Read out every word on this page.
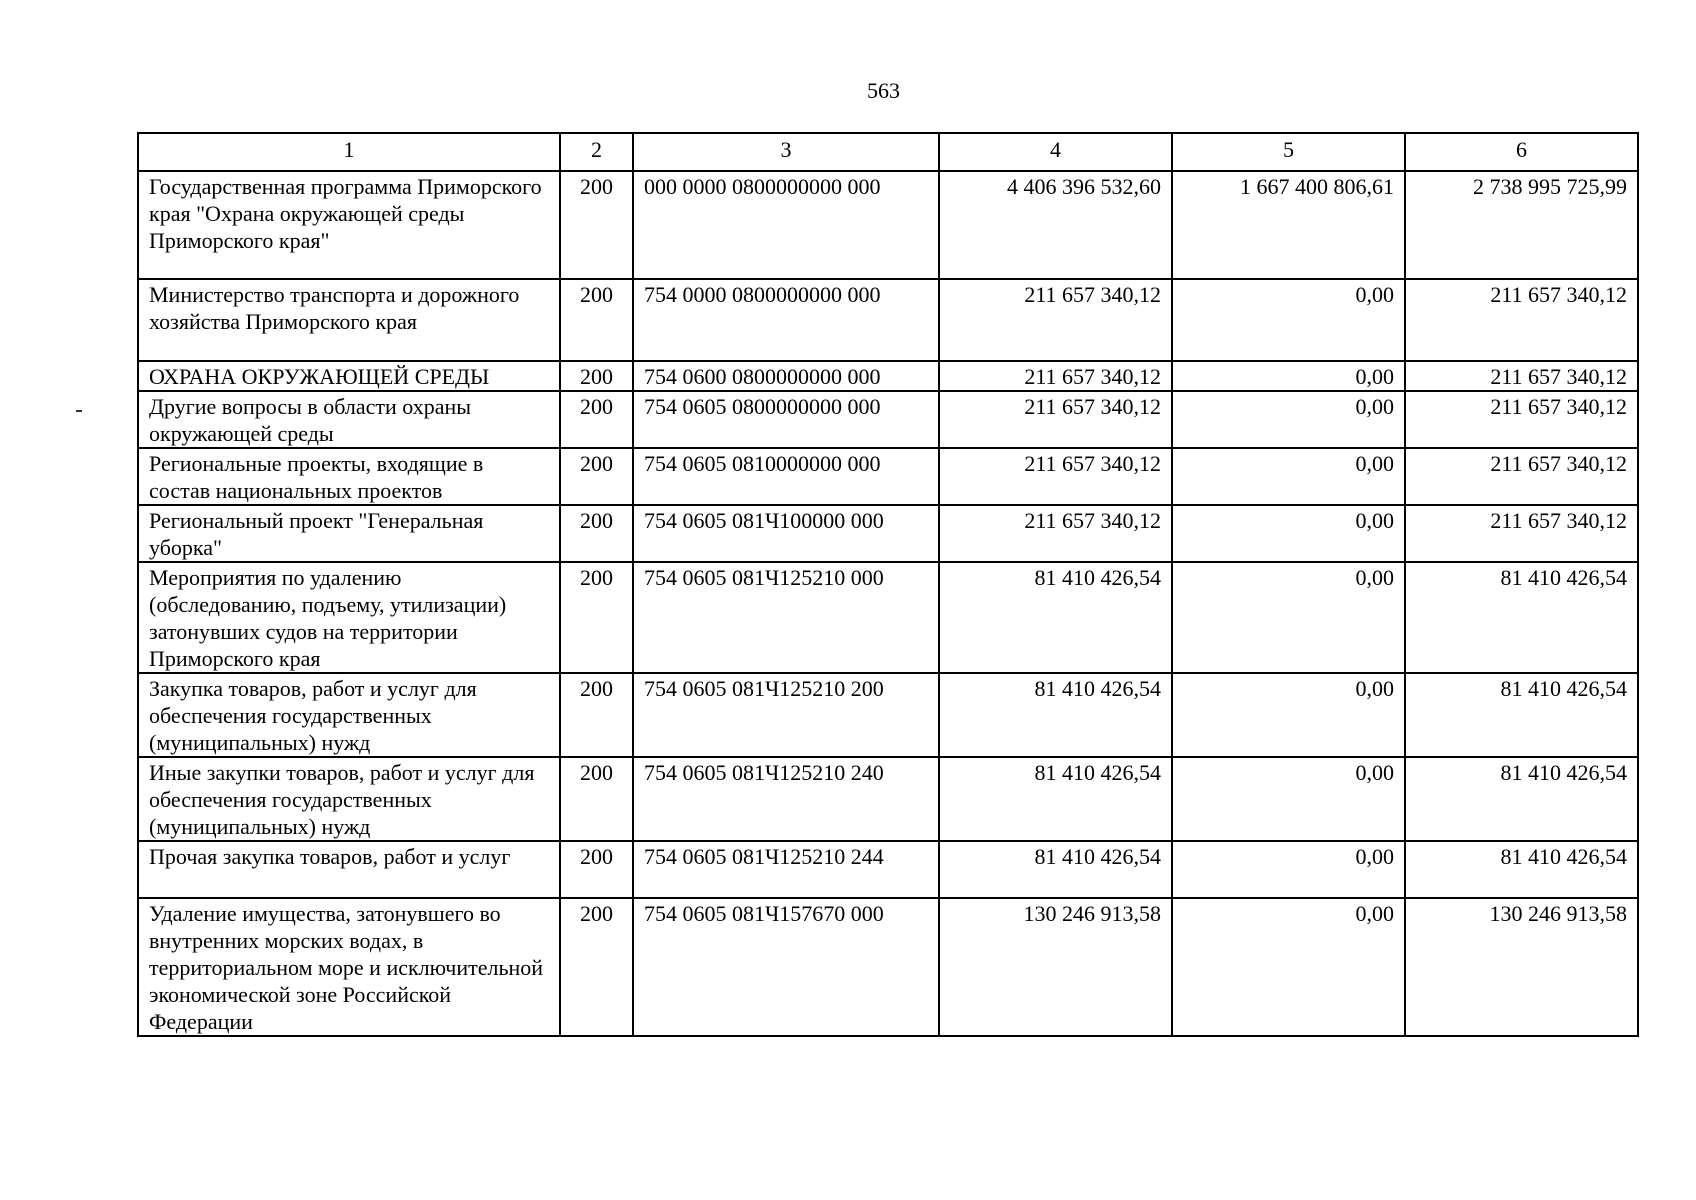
563
1	2	3	4	5	6
Государственная программа Приморского края "Охрана окружающей среды Приморского края"	200	000 0000 0800000000 000	4 406 396 532,60	1 667 400 806,61	2 738 995 725,99
Министерство транспорта и дорожного хозяйства Приморского края	200	754 0000 0800000000 000	211 657 340,12	0,00	211 657 340,12
ОХРАНА ОКРУЖАЮЩЕЙ СРЕДЫ	200	754 0600 0800000000 000	211 657 340,12	0,00	211 657 340,12
Другие вопросы в области охраны окружающей среды	200	754 0605 0800000000 000	211 657 340,12	0,00	211 657 340,12
Региональные проекты, входящие в состав национальных проектов	200	754 0605 0810000000 000	211 657 340,12	0,00	211 657 340,12
Региональный проект "Генеральная уборка"	200	754 0605 081Ч100000 000	211 657 340,12	0,00	211 657 340,12
Мероприятия по удалению (обследованию, подъему, утилизации) затонувших судов на территории Приморского края	200	754 0605 081Ч125210 000	81 410 426,54	0,00	81 410 426,54
Закупка товаров, работ и услуг для обеспечения государственных (муниципальных) нужд	200	754 0605 081Ч125210 200	81 410 426,54	0,00	81 410 426,54
Иные закупки товаров, работ и услуг для обеспечения государственных (муниципальных) нужд	200	754 0605 081Ч125210 240	81 410 426,54	0,00	81 410 426,54
Прочая закупка товаров, работ и услуг	200	754 0605 081Ч125210 244	81 410 426,54	0,00	81 410 426,54
Удаление имущества, затонувшего во внутренних морских водах, в территориальном море и исключительной экономической зоне Российской Федерации	200	754 0605 081Ч157670 000	130 246 913,58	0,00	130 246 913,58
